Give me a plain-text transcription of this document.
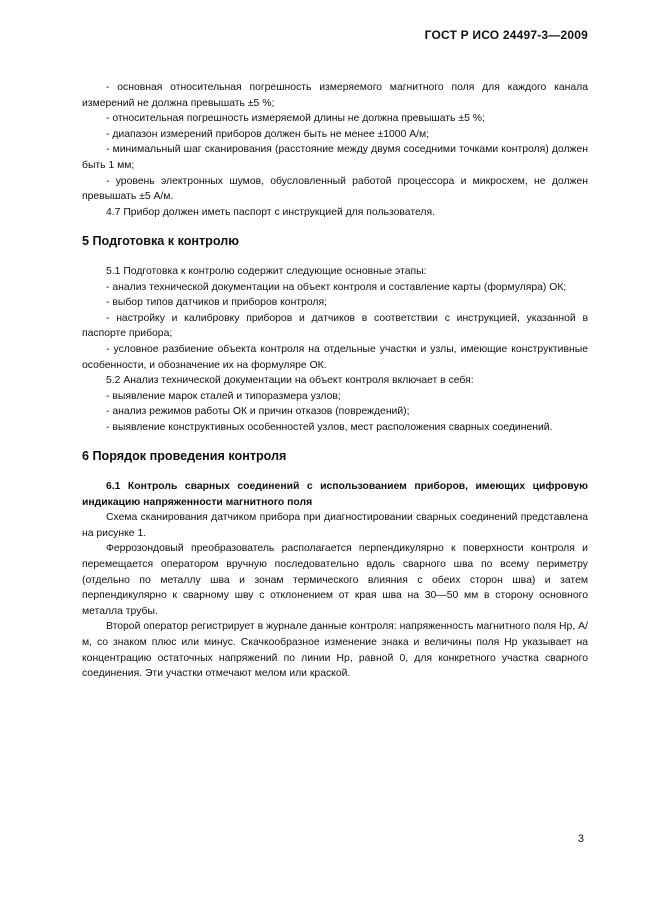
ГОСТ Р ИСО 24497-3—2009

- основная относительная погрешность измеряемого магнитного поля для каждого канала измерений не должна превышать ±5 %;

- относительная погрешность измеряемой длины не должна превышать ±5 %;

- диапазон измерений приборов должен быть не менее ±1000 А/м;

- минимальный шаг сканирования (расстояние между двумя соседними точками контроля) должен быть 1 мм;

- уровень электронных шумов, обусловленный работой процессора и микросхем, не должен превышать ±5 А/м.

4.7 Прибор должен иметь паспорт с инструкцией для пользователя.

5 Подготовка к контролю

5.1 Подготовка к контролю содержит следующие основные этапы:

- анализ технической документации на объект контроля и составление карты (формуляра) ОК;

- выбор типов датчиков и приборов контроля;

- настройку и калибровку приборов и датчиков в соответствии с инструкцией, указанной в паспорте прибора;

- условное разбиение объекта контроля на отдельные участки и узлы, имеющие конструктивные особенности, и обозначение их на формуляре ОК.

5.2 Анализ технической документации на объект контроля включает в себя:

- выявление марок сталей и типоразмера узлов;

- анализ режимов работы ОК и причин отказов (повреждений);

- выявление конструктивных особенностей узлов, мест расположения сварных соединений.

6 Порядок проведения контроля

6.1 Контроль сварных соединений с использованием приборов, имеющих цифровую индикацию напряженности магнитного поля

Схема сканирования датчиком прибора при диагностировании сварных соединений представлена на рисунке 1.

Феррозондовый преобразователь располагается перпендикулярно к поверхности контроля и перемещается оператором вручную последовательно вдоль сварного шва по всему периметру (отдельно по металлу шва и зонам термического влияния с обеих сторон шва) и затем перпендикулярно к сварному шву с отклонением от края шва на 30—50 мм в сторону основного металла трубы.

Второй оператор регистрирует в журнале данные контроля: напряженность магнитного поля Hp, А/м, со знаком плюс или минус. Скачкообразное изменение знака и величины поля Hp указывает на концентрацию остаточных напряжений по линии Hp, равной 0, для конкретного участка сварного соединения. Эти участки отмечают мелом или краской.

3
